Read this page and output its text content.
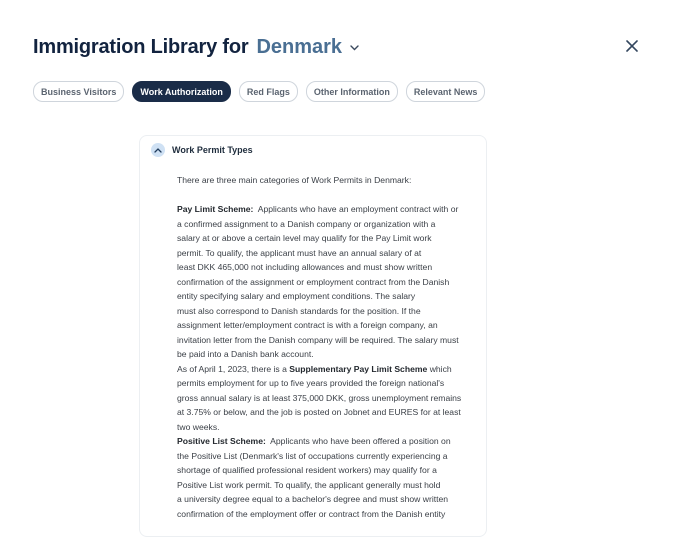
Immigration Library for Denmark
Business Visitors	Work Authorization	Red Flags	Other Information	Relevant News
Work Permit Types
There are three main categories of Work Permits in Denmark:
Pay Limit Scheme: Applicants who have an employment contract with or
a confirmed assignment to a Danish company or organization with a
salary at or above a certain level may qualify for the Pay Limit work
permit. To qualify, the applicant must have an annual salary of at
least DKK 465,000 not including allowances and must show written
confirmation of the assignment or employment contract from the Danish
entity specifying salary and employment conditions. The salary
must also correspond to Danish standards for the position. If the
assignment letter/employment contract is with a foreign company, an
invitation letter from the Danish company will be required. The salary must
be paid into a Danish bank account.
As of April 1, 2023, there is a Supplementary Pay Limit Scheme which
permits employment for up to five years provided the foreign national's
gross annual salary is at least 375,000 DKK, gross unemployment remains
at 3.75% or below, and the job is posted on Jobnet and EURES for at least
two weeks.
Positive List Scheme: Applicants who have been offered a position on
the Positive List (Denmark's list of occupations currently experiencing a
shortage of qualified professional resident workers) may qualify for a
Positive List work permit. To qualify, the applicant generally must hold
a university degree equal to a bachelor's degree and must show written
confirmation of the employment offer or contract from the Danish entity
